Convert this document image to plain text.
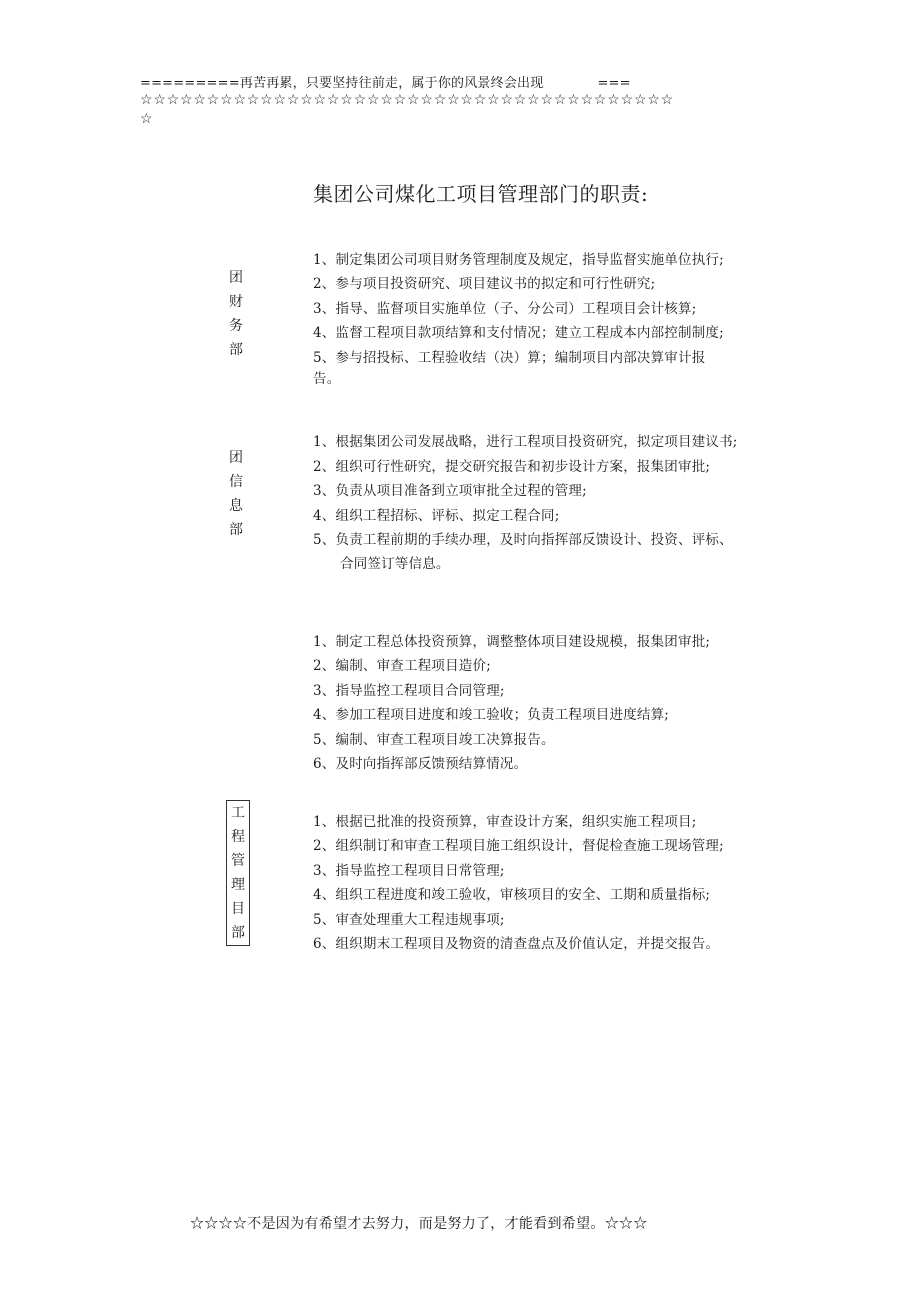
=========再苦再累，只要坚持往前走，属于你的风景终会出现	===
☆☆☆☆☆☆☆☆☆☆☆☆☆☆☆☆☆☆☆☆☆☆☆☆☆☆☆☆☆☆☆☆☆☆☆☆☆☆☆☆
☆
集团公司煤化工项目管理部门的职责:
团
财
务
部
1、制定集团公司项目财务管理制度及规定，指导监督实施单位执行;
2、参与项目投资研究、项目建议书的拟定和可行性研究;
3、指导、监督项目实施单位（子、分公司）工程项目会计核算;
4、监督工程项目款项结算和支付情况；建立工程成本内部控制制度;
5、参与招投标、工程验收结（决）算；编制项目内部决算审计报
告。
团
信
息
部
1、根据集团公司发展战略，进行工程项目投资研究，拟定项目建议书;
2、组织可行性研究，提交研究报告和初步设计方案，报集团审批;
3、负责从项目准备到立项审批全过程的管理;
4、组织工程招标、评标、拟定工程合同;
5、负责工程前期的手续办理，及时向指挥部反馈设计、投资、评标、
合同签订等信息。
1、制定工程总体投资预算，调整整体项目建设规模，报集团审批;
2、编制、审查工程项目造价;
3、指导监控工程项目合同管理;
4、参加工程项目进度和竣工验收；负责工程项目进度结算;
5、编制、审查工程项目竣工决算报告。
6、及时向指挥部反馈预结算情况。
工
程
管
理
目
部
1、根据已批准的投资预算，审查设计方案，组织实施工程项目;
2、组织制订和审查工程项目施工组织设计，督促检查施工现场管理;
3、指导监控工程项目日常管理;
4、组织工程进度和竣工验收，审核项目的安全、工期和质量指标;
5、审查处理重大工程违规事项;
6、组织期末工程项目及物资的清查盘点及价值认定，并提交报告。
☆☆☆☆不是因为有希望才去努力，而是努力了，才能看到希望。☆☆☆
